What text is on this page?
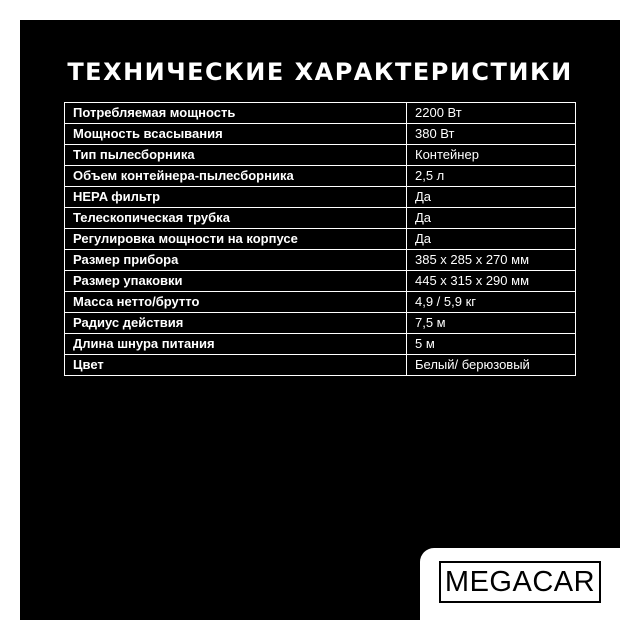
ТЕХНИЧЕСКИЕ ХАРАКТЕРИСТИКИ
Потребляемая мощность	2200 Вт
Мощность всасывания	380 Вт
Тип пылесборника	Контейнер
Объем контейнера-пылесборника	2,5 л
HEPA фильтр	Да
Телескопическая трубка	Да
Регулировка мощности на корпусе	Да
Размер прибора	385 х 285 х 270 мм
Размер упаковки	445 х 315 х 290 мм
Масса нетто/брутто	4,9 / 5,9 кг
Радиус действия	7,5 м
Длина шнура питания	5 м
Цвет	Белый/ берюзовый
MEGACAR
